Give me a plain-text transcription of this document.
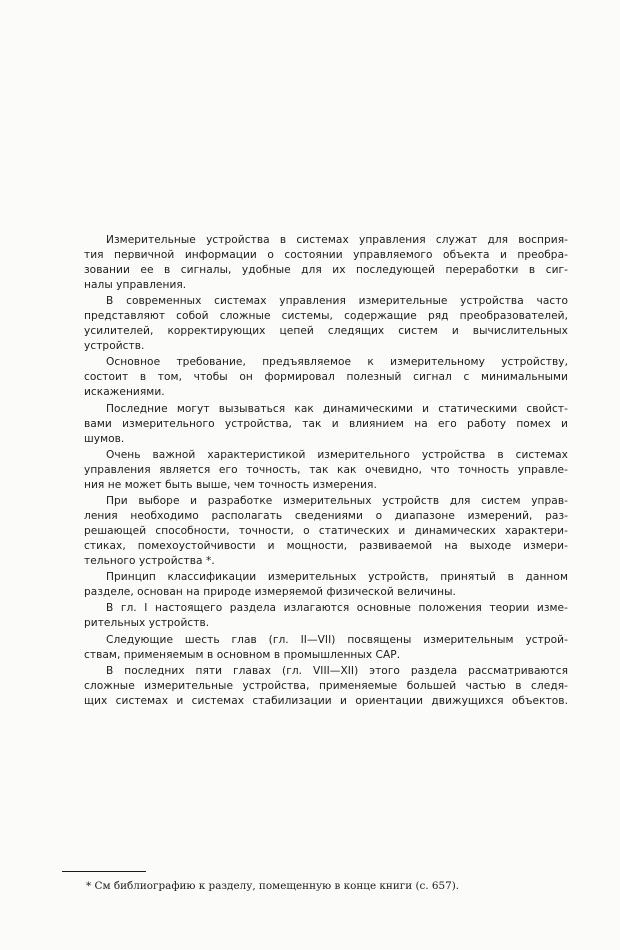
Измерительные устройства в системах управления служат для восприя-
тия первичной информации о состоянии управляемого объекта и преобра-
зовании ее в сигналы, удобные для их последующей переработки в сиг-
налы управления.
В современных системах управления измерительные устройства часто
представляют собой сложные системы, содержащие ряд преобразователей,
усилителей, корректирующих цепей следящих систем и вычислительных
устройств.
Основное требование, предъявляемое к измерительному устройству,
состоит в том, чтобы он формировал полезный сигнал с минимальными
искажениями.
Последние могут вызываться как динамическими и статическими свойст-
вами измерительного устройства, так и влиянием на его работу помех и
шумов.
Очень важной характеристикой измерительного устройства в системах
управления является его точность, так как очевидно, что точность управле-
ния не может быть выше, чем точность измерения.
При выборе и разработке измерительных устройств для систем управ-
ления необходимо располагать сведениями о диапазоне измерений, раз-
решающей способности, точности, о статических и динамических характери-
стиках, помехоустойчивости и мощности, развиваемой на выходе измери-
тельного устройства *.
Принцип классификации измерительных устройств, принятый в данном
разделе, основан на природе измеряемой физической величины.
В гл. I настоящего раздела излагаются основные положения теории изме-
рительных устройств.
Следующие шесть глав (гл. II—VII) посвящены измерительным устрой-
ствам, применяемым в основном в промышленных САР.
В последних пяти главах (гл. VIII—XII) этого раздела рассматриваются
сложные измерительные устройства, применяемые большей частью в следя-
щих системах и системах стабилизации и ориентации движущихся объектов.
* См библиографию к разделу, помещенную в конце книги (с. 657).
